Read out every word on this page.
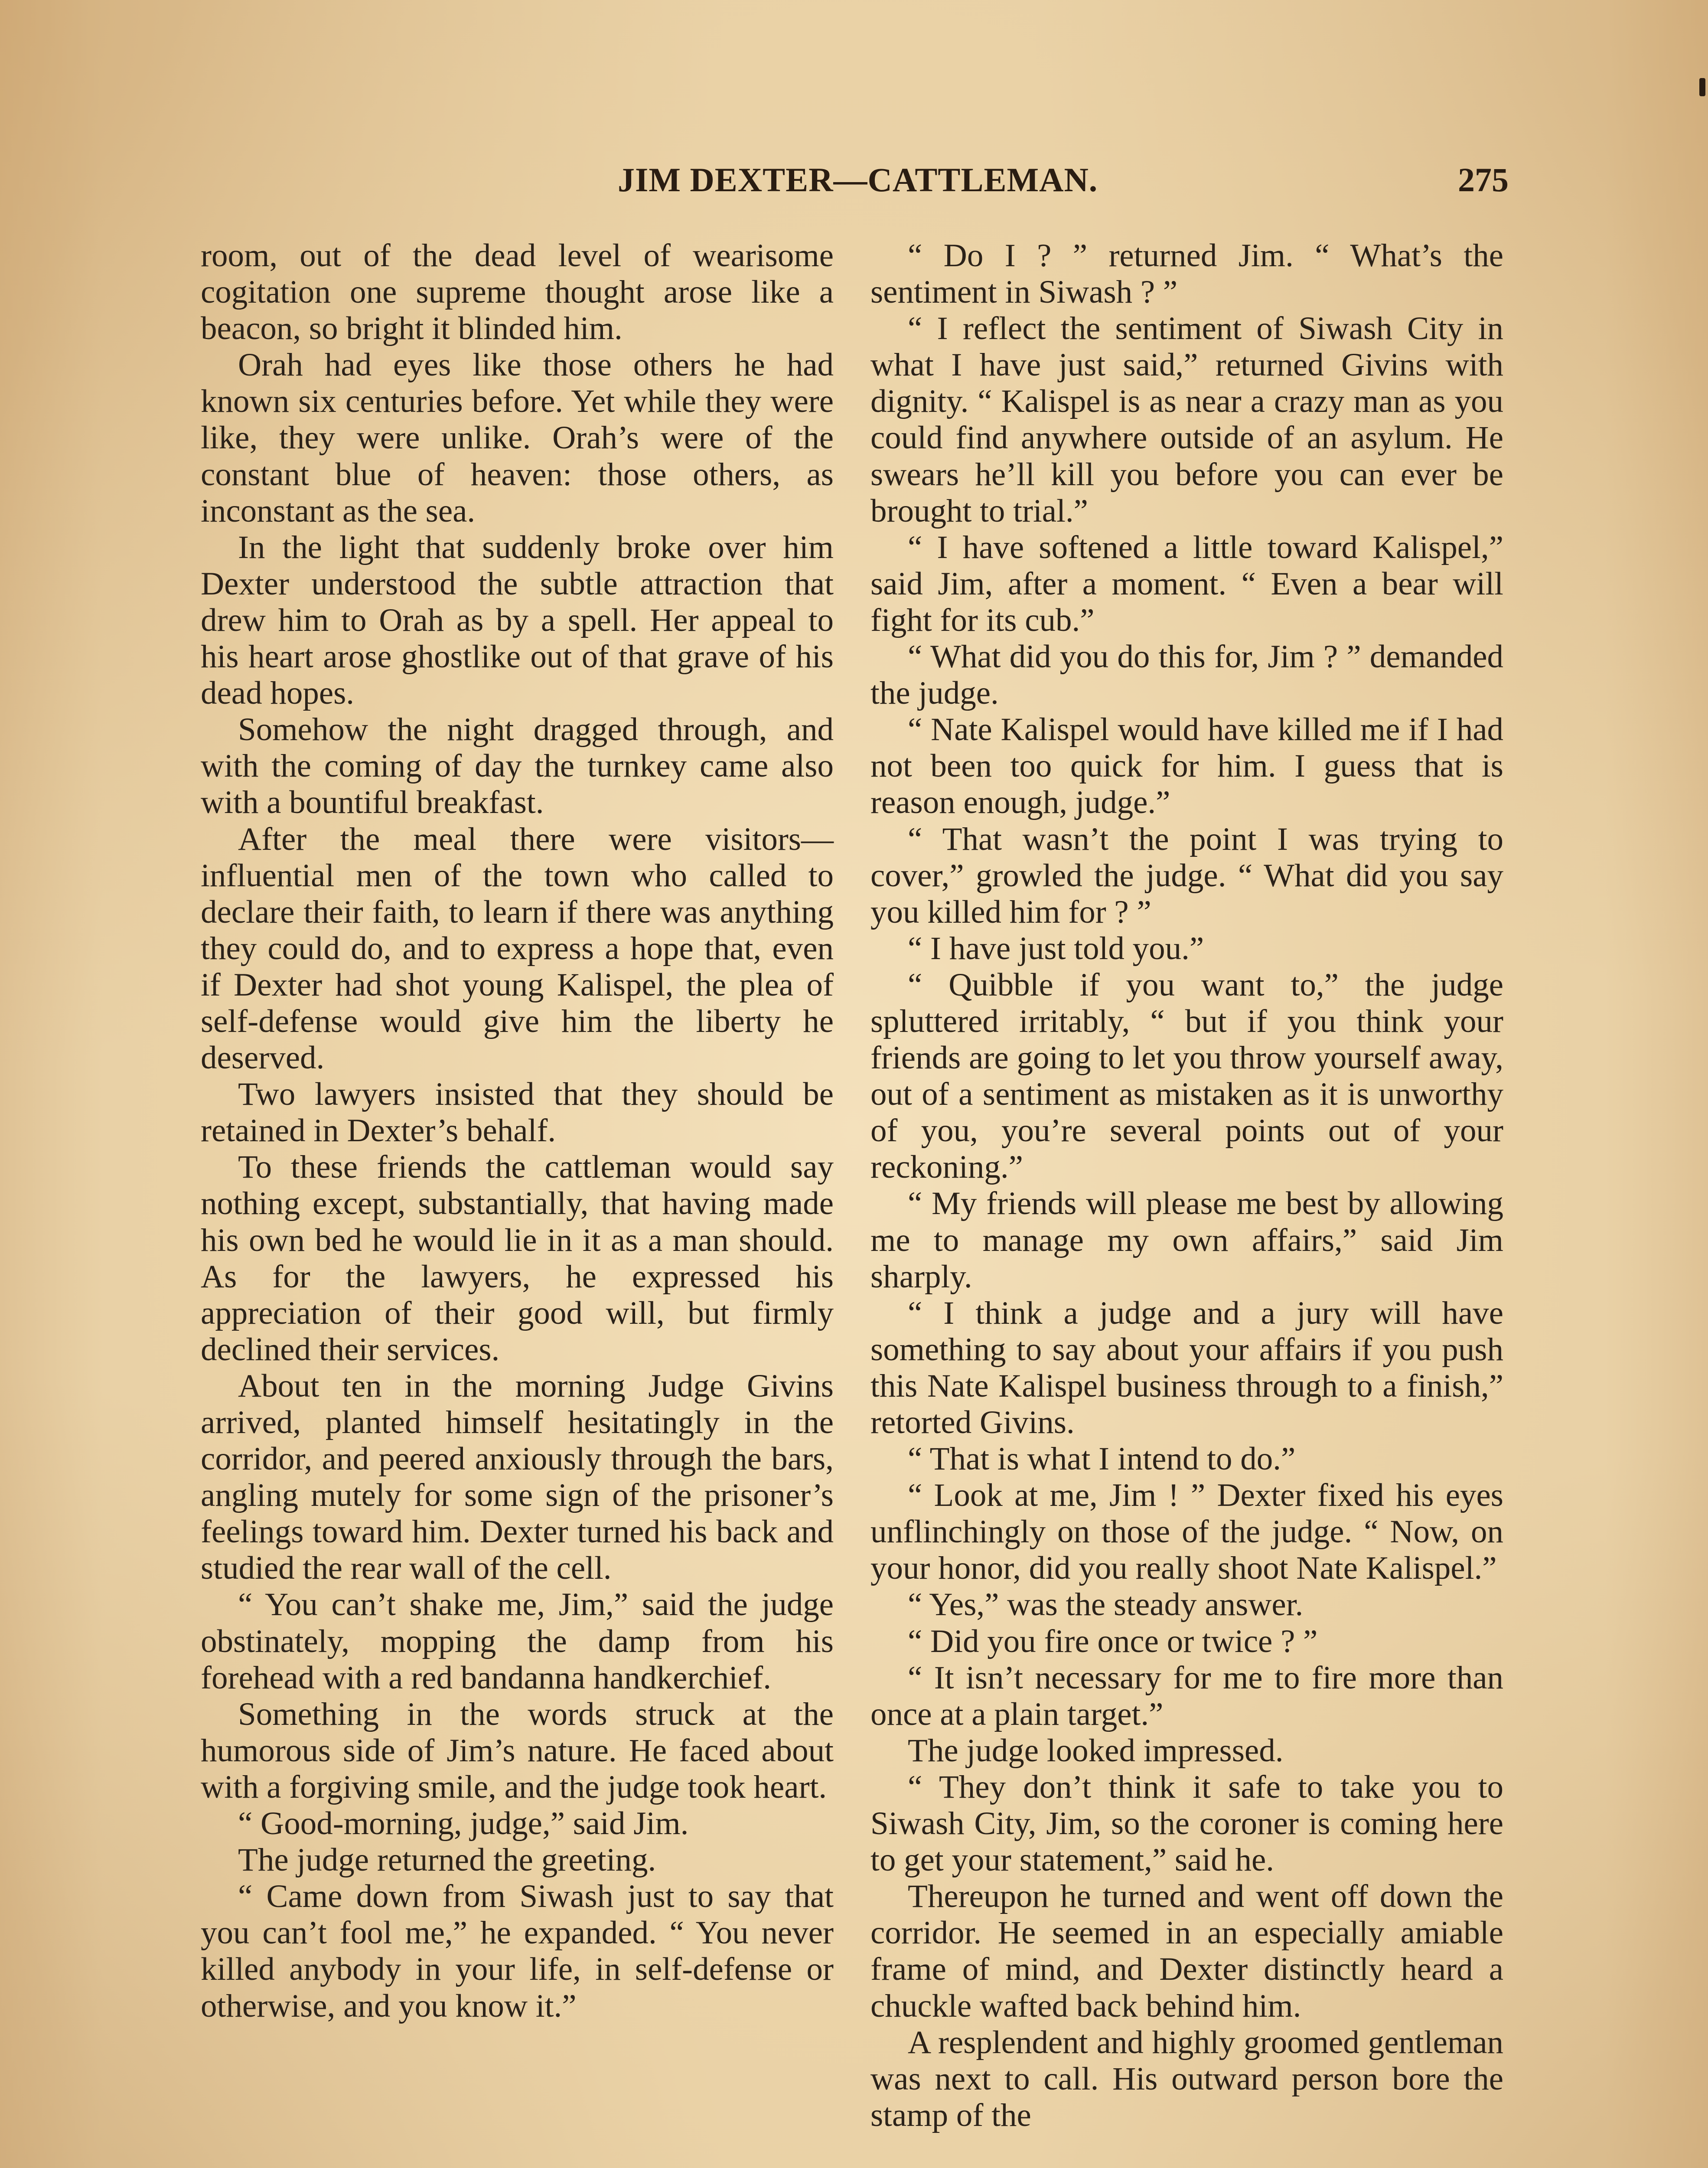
JIM DEXTER—CATTLEMAN.	275

room, out of the dead level of wearisome cogitation one supreme thought arose like a beacon, so bright it blinded him.

Orah had eyes like those others he had known six centuries before. Yet while they were like, they were unlike. Orah’s were of the constant blue of heaven: those others, as inconstant as the sea.

In the light that suddenly broke over him Dexter understood the subtle attraction that drew him to Orah as by a spell. Her appeal to his heart arose ghostlike out of that grave of his dead hopes.

Somehow the night dragged through, and with the coming of day the turnkey came also with a bountiful breakfast.

After the meal there were visitors—influential men of the town who called to declare their faith, to learn if there was anything they could do, and to express a hope that, even if Dexter had shot young Kalispel, the plea of self-defense would give him the liberty he deserved.

Two lawyers insisted that they should be retained in Dexter’s behalf.

To these friends the cattleman would say nothing except, substantially, that having made his own bed he would lie in it as a man should. As for the lawyers, he expressed his appreciation of their good will, but firmly declined their services.

About ten in the morning Judge Givins arrived, planted himself hesitatingly in the corridor, and peered anxiously through the bars, angling mutely for some sign of the prisoner’s feelings toward him. Dexter turned his back and studied the rear wall of the cell.

“ You can’t shake me, Jim,” said the judge obstinately, mopping the damp from his forehead with a red bandanna handkerchief.

Something in the words struck at the humorous side of Jim’s nature. He faced about with a forgiving smile, and the judge took heart.

“ Good-morning, judge,” said Jim.

The judge returned the greeting.

“ Came down from Siwash just to say that you can’t fool me,” he expanded. “ You never killed anybody in your life, in self-defense or otherwise, and you know it.”

“ Do I ? ” returned Jim. “ What’s the sentiment in Siwash ? ”

“ I reflect the sentiment of Siwash City in what I have just said,” returned Givins with dignity. “ Kalispel is as near a crazy man as you could find anywhere outside of an asylum. He swears he’ll kill you before you can ever be brought to trial.”

“ I have softened a little toward Kalispel,” said Jim, after a moment. “ Even a bear will fight for its cub.”

“ What did you do this for, Jim ? ” demanded the judge.

“ Nate Kalispel would have killed me if I had not been too quick for him. I guess that is reason enough, judge.”

“ That wasn’t the point I was trying to cover,” growled the judge. “ What did you say you killed him for ? ”

“ I have just told you.”

“ Quibble if you want to,” the judge spluttered irritably, “ but if you think your friends are going to let you throw yourself away, out of a sentiment as mistaken as it is unworthy of you, you’re several points out of your reckoning.”

“ My friends will please me best by allowing me to manage my own affairs,” said Jim sharply.

“ I think a judge and a jury will have something to say about your affairs if you push this Nate Kalispel business through to a finish,” retorted Givins.

“ That is what I intend to do.”

“ Look at me, Jim ! ” Dexter fixed his eyes unflinchingly on those of the judge. “ Now, on your honor, did you really shoot Nate Kalispel.”

“ Yes,” was the steady answer.

“ Did you fire once or twice ? ”

“ It isn’t necessary for me to fire more than once at a plain target.”

The judge looked impressed.

“ They don’t think it safe to take you to Siwash City, Jim, so the coroner is coming here to get your statement,” said he.

Thereupon he turned and went off down the corridor. He seemed in an especially amiable frame of mind, and Dexter distinctly heard a chuckle wafted back behind him.

A resplendent and highly groomed gentleman was next to call. His outward person bore the stamp of the
